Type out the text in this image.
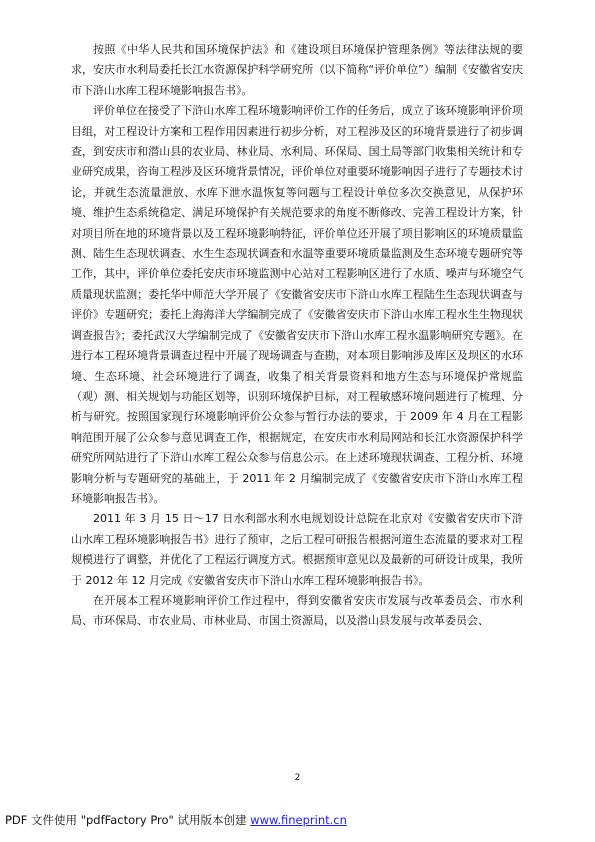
按照《中华人民共和国环境保护法》和《建设项目环境保护管理条例》等法律法规的要求，安庆市水利局委托长江水资源保护科学研究所（以下简称“评价单位”）编制《安徽省安庆市下浒山水库工程环境影响报告书》。

评价单位在接受了下浒山水库工程环境影响评价工作的任务后，成立了该环境影响评价项目组，对工程设计方案和工程作用因素进行初步分析，对工程涉及区的环境背景进行了初步调查，到安庆市和潜山县的农业局、林业局、水利局、环保局、国土局等部门收集相关统计和专业研究成果，咨询工程涉及区环境背景情况，评价单位对重要环境影响因子进行了专题技术讨论，并就生态流量泄放、水库下泄水温恢复等问题与工程设计单位多次交换意见，从保护环境、维护生态系统稳定、满足环境保护有关规范要求的角度不断修改、完善工程设计方案，针对项目所在地的环境背景以及工程环境影响特征，评价单位还开展了项目影响区的环境质量监测、陆生生态现状调查、水生生态现状调查和水温等重要环境质量监测及生态环境专题研究等工作，其中，评价单位委托安庆市环境监测中心站对工程影响区进行了水质、噪声与环境空气质量现状监测；委托华中师范大学开展了《安徽省安庆市下浒山水库工程陆生生态现状调查与评价》专题研究；委托上海海洋大学编制完成了《安徽省安庆市下浒山水库工程水生生物现状调查报告》；委托武汉大学编制完成了《安徽省安庆市下浒山水库工程水温影响研究专题》。在进行本工程环境背景调查过程中开展了现场调查与查勘，对本项目影响涉及库区及坝区的水环境、生态环境、社会环境进行了调查，收集了相关背景资料和地方生态与环境保护常规监（观）测、相关规划与功能区划等，识别环境保护目标，对工程敏感环境问题进行了梳理、分析与研究。按照国家现行环境影响评价公众参与暂行办法的要求，于 2009 年 4 月在工程影响范围开展了公众参与意见调查工作，根据规定，在安庆市水利局网站和长江水资源保护科学研究所网站进行了下浒山水库工程公众参与信息公示。在上述环境现状调查、工程分析、环境影响分析与专题研究的基础上，于 2011 年 2 月编制完成了《安徽省安庆市下浒山水库工程环境影响报告书》。

2011 年 3 月 15 日～17 日水利部水利水电规划设计总院在北京对《安徽省安庆市下浒山水库工程环境影响报告书》进行了预审，之后工程可研报告根据河道生态流量的要求对工程规模进行了调整，并优化了工程运行调度方式。根据预审意见以及最新的可研设计成果，我所于 2012 年 12 月完成《安徽省安庆市下浒山水库工程环境影响报告书》。

在开展本工程环境影响评价工作过程中，得到安徽省安庆市发展与改革委员会、市水利局、市环保局、市农业局、市林业局、市国土资源局，以及潜山县发展与改革委员会、

2
PDF 文件使用 "pdfFactory Pro" 试用版本创建 www.fineprint.cn
